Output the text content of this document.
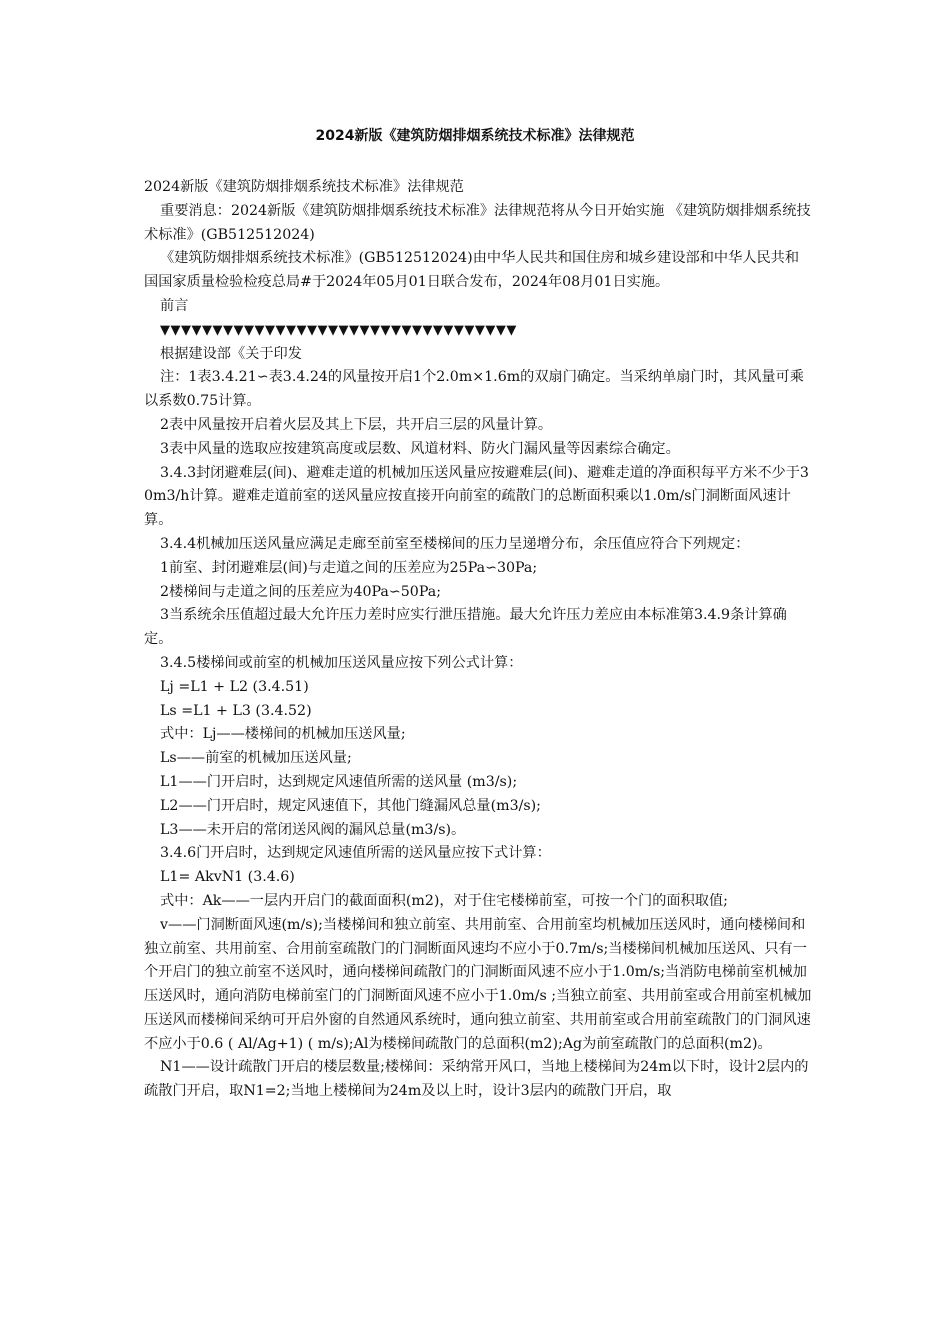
2024新版《建筑防烟排烟系统技术标准》法律规范

2024新版《建筑防烟排烟系统技术标准》法律规范

重要消息：2024新版《建筑防烟排烟系统技术标准》法律规范将从今日开始实施 《建筑防烟排烟系统技术标准》(GB512512024)

《建筑防烟排烟系统技术标准》(GB512512024)由中华人民共和国住房和城乡建设部和中华人民共和国国家质量检验检疫总局#于2024年05月01日联合发布，2024年08月01日实施。

前言

▼▼▼▼▼▼▼▼▼▼▼▼▼▼▼▼▼▼▼▼▼▼▼▼▼▼▼▼▼▼▼▼▼▼

根据建设部《关于印发

注：1表3.4.21∽表3.4.24的风量按开启1个2.0m×1.6m的双扇门确定。当采纳单扇门时，其风量可乘以系数0.75计算。

2表中风量按开启着火层及其上下层，共开启三层的风量计算。

3表中风量的选取应按建筑高度或层数、风道材料、防火门漏风量等因素综合确定。

3.4.3封闭避难层(间)、避难走道的机械加压送风量应按避难层(间)、避难走道的净面积每平方米不少于30m3/h计算。避难走道前室的送风量应按直接开向前室的疏散门的总断面积乘以1.0m/s门洞断面风速计算。

3.4.4机械加压送风量应满足走廊至前室至楼梯间的压力呈递增分布，余压值应符合下列规定：

1前室、封闭避难层(间)与走道之间的压差应为25Pa∽30Pa;

2楼梯间与走道之间的压差应为40Pa∽50Pa;

3当系统余压值超过最大允许压力差时应实行泄压措施。最大允许压力差应由本标准第3.4.9条计算确定。

3.4.5楼梯间或前室的机械加压送风量应按下列公式计算：

Lj =L1 + L2 (3.4.51)

Ls =L1 + L3 (3.4.52)

式中：Lj——楼梯间的机械加压送风量;

Ls——前室的机械加压送风量;

L1——门开启时，达到规定风速值所需的送风量 (m3/s);

L2——门开启时，规定风速值下，其他门缝漏风总量(m3/s);

L3——未开启的常闭送风阀的漏风总量(m3/s)。

3.4.6门开启时，达到规定风速值所需的送风量应按下式计算：

L1= AkvN1 (3.4.6)

式中：Ak——一层内开启门的截面面积(m2)，对于住宅楼梯前室，可按一个门的面积取值;

v——门洞断面风速(m/s);当楼梯间和独立前室、共用前室、合用前室均机械加压送风时，通向楼梯间和独立前室、共用前室、合用前室疏散门的门洞断面风速均不应小于0.7m/s;当楼梯间机械加压送风、只有一个开启门的独立前室不送风时，通向楼梯间疏散门的门洞断面风速不应小于1.0m/s;当消防电梯前室机械加压送风时，通向消防电梯前室门的门洞断面风速不应小于1.0m/s ;当独立前室、共用前室或合用前室机械加压送风而楼梯间采纳可开启外窗的自然通风系统时，通向独立前室、共用前室或合用前室疏散门的门洞风速不应小于0.6 ( Al/Ag+1) ( m/s);Al为楼梯间疏散门的总面积(m2);Ag为前室疏散门的总面积(m2)。

N1——设计疏散门开启的楼层数量;楼梯间：采纳常开风口，当地上楼梯间为24m以下时，设计2层内的疏散门开启，取N1=2;当地上楼梯间为24m及以上时，设计3层内的疏散门开启，取
